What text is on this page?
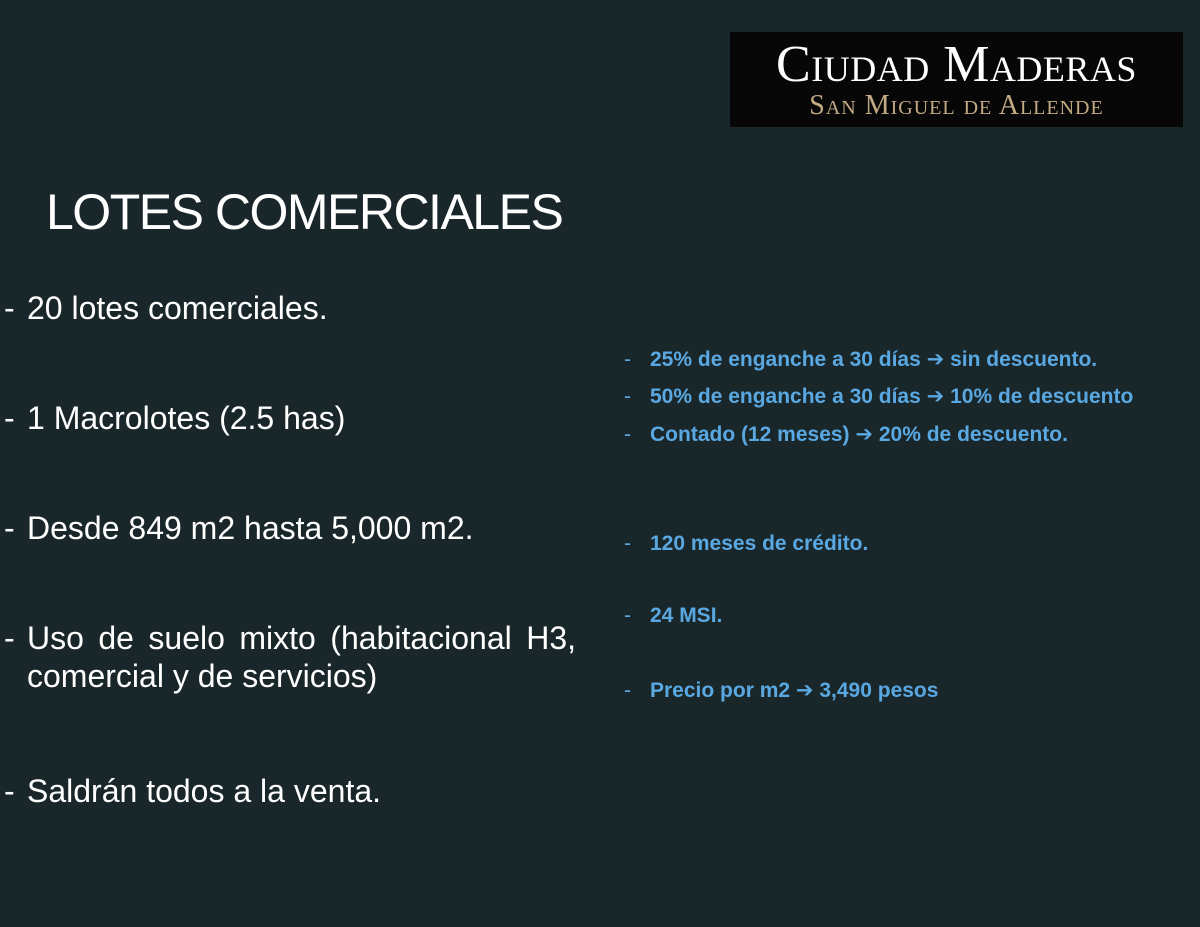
Ciudad Maderas
San Miguel de Allende
LOTES COMERCIALES
- 20 lotes comerciales.
- 1 Macrolotes (2.5 has)
- Desde 849 m2 hasta 5,000 m2.
- Uso de suelo mixto (habitacional H3, comercial y de servicios)
- Saldrán todos a la venta.
- 25% de enganche a 30 días ➔ sin descuento.
- 50% de enganche a 30 días ➔ 10% de descuento
- Contado (12 meses) ➔ 20% de descuento.
- 120 meses de crédito.
- 24 MSI.
- Precio por m2 ➔ 3,490 pesos
